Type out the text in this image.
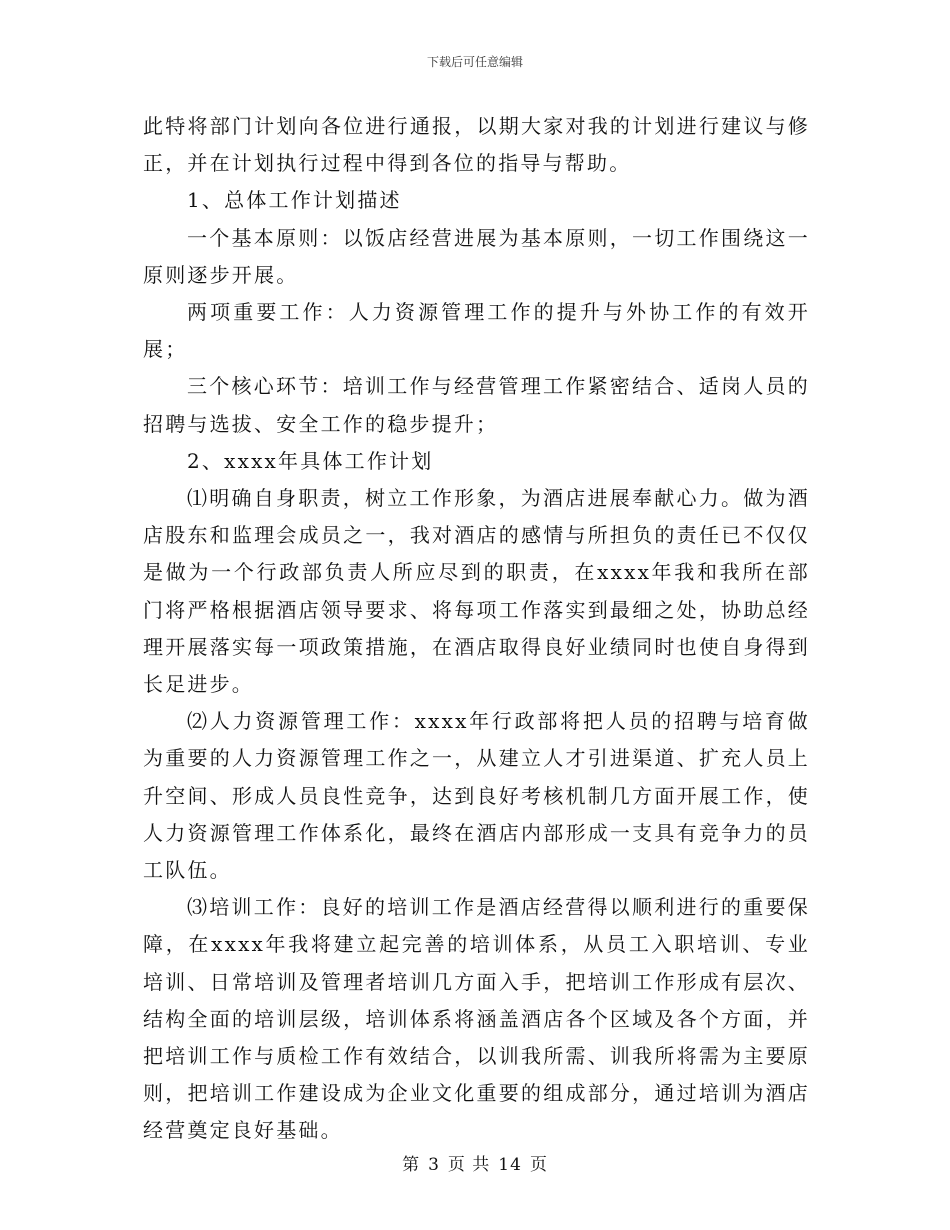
下载后可任意编辑

此特将部门计划向各位进行通报，以期大家对我的计划进行建议与修正，并在计划执行过程中得到各位的指导与帮助。

1、总体工作计划描述

一个基本原则：以饭店经营进展为基本原则，一切工作围绕这一原则逐步开展。

两项重要工作：人力资源管理工作的提升与外协工作的有效开展；

三个核心环节：培训工作与经营管理工作紧密结合、适岗人员的招聘与选拔、安全工作的稳步提升；

2、xxxx年具体工作计划

⑴明确自身职责，树立工作形象，为酒店进展奉献心力。做为酒店股东和监理会成员之一，我对酒店的感情与所担负的责任已不仅仅是做为一个行政部负责人所应尽到的职责，在xxxx年我和我所在部门将严格根据酒店领导要求、将每项工作落实到最细之处，协助总经理开展落实每一项政策措施，在酒店取得良好业绩同时也使自身得到长足进步。

⑵人力资源管理工作：xxxx年行政部将把人员的招聘与培育做为重要的人力资源管理工作之一，从建立人才引进渠道、扩充人员上升空间、形成人员良性竞争，达到良好考核机制几方面开展工作，使人力资源管理工作体系化，最终在酒店内部形成一支具有竞争力的员工队伍。

⑶培训工作：良好的培训工作是酒店经营得以顺利进行的重要保障，在xxxx年我将建立起完善的培训体系，从员工入职培训、专业培训、日常培训及管理者培训几方面入手，把培训工作形成有层次、结构全面的培训层级，培训体系将涵盖酒店各个区域及各个方面，并把培训工作与质检工作有效结合，以训我所需、训我所将需为主要原则，把培训工作建设成为企业文化重要的组成部分，通过培训为酒店经营奠定良好基础。

第 3 页 共 14 页
